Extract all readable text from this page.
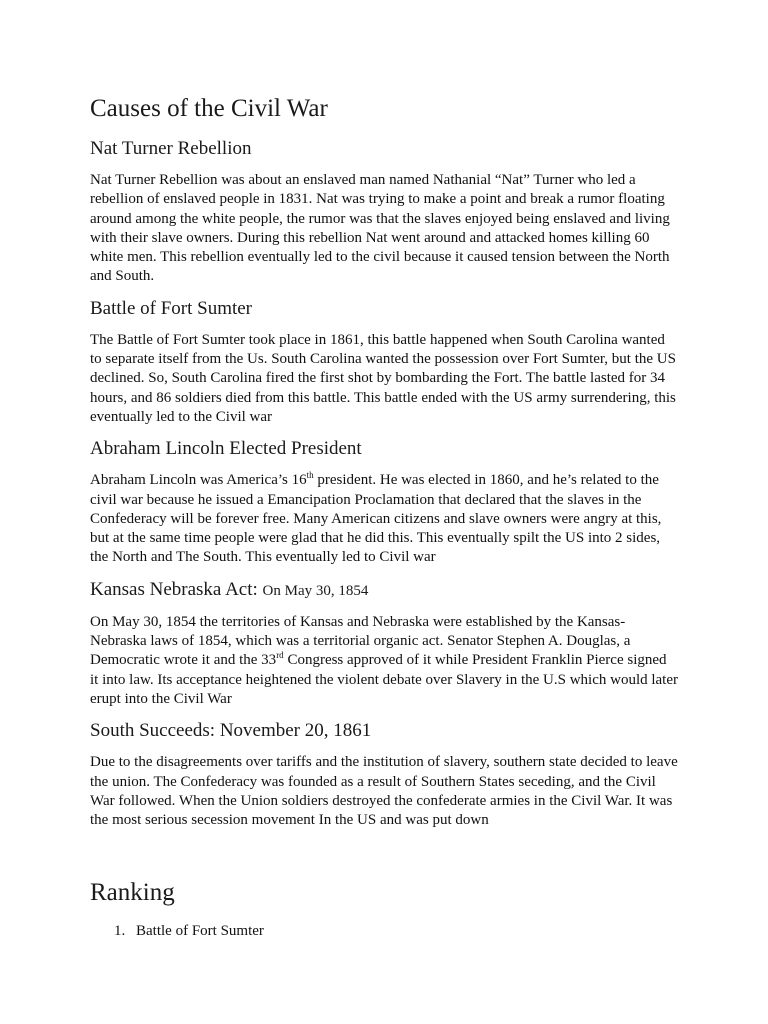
Causes of the Civil War
Nat Turner Rebellion

Nat Turner Rebellion was about an enslaved man named Nathanial “Nat” Turner who led a rebellion of enslaved people in 1831. Nat was trying to make a point and break a rumor floating around among the white people, the rumor was that the slaves enjoyed being enslaved and living with their slave owners. During this rebellion Nat went around and attacked homes killing 60 white men. This rebellion eventually led to the civil because it caused tension between the North and South.

Battle of Fort Sumter

The Battle of Fort Sumter took place in 1861, this battle happened when South Carolina wanted to separate itself from the Us. South Carolina wanted the possession over Fort Sumter, but the US declined. So, South Carolina fired the first shot by bombarding the Fort. The battle lasted for 34 hours, and 86 soldiers died from this battle. This battle ended with the US army surrendering, this eventually led to the Civil war

Abraham Lincoln Elected President

Abraham Lincoln was America’s 16th president. He was elected in 1860, and he’s related to the civil war because he issued a Emancipation Proclamation that declared that the slaves in the Confederacy will be forever free. Many American citizens and slave owners were angry at this, but at the same time people were glad that he did this. This eventually spilt the US into 2 sides, the North and The South. This eventually led to Civil war

Kansas Nebraska Act: On May 30, 1854

On May 30, 1854 the territories of Kansas and Nebraska were established by the Kansas-Nebraska laws of 1854, which was a territorial organic act. Senator Stephen A. Douglas, a Democratic wrote it and the 33rd Congress approved of it while President Franklin Pierce signed it into law. Its acceptance heightened the violent debate over Slavery in the U.S which would later erupt into the Civil War

South Succeeds: November 20, 1861

Due to the disagreements over tariffs and the institution of slavery, southern state decided to leave the union. The Confederacy was founded as a result of Southern States seceding, and the Civil War followed. When the Union soldiers destroyed the confederate armies in the Civil War. It was the most serious secession movement In the US and was put down

Ranking
1. Battle of Fort Sumter
